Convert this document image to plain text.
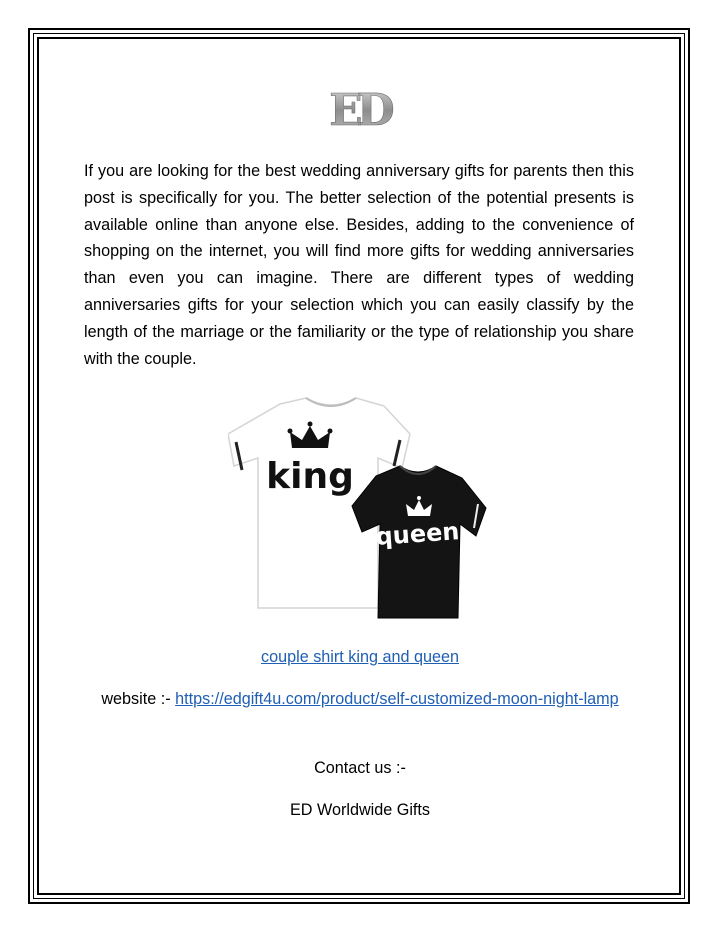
ED

If you are looking for the best wedding anniversary gifts for parents then this post is specifically for you. The better selection of the potential presents is available online than anyone else. Besides, adding to the convenience of shopping on the internet, you will find more gifts for wedding anniversaries than even you can imagine. There are different types of wedding anniversaries gifts for your selection which you can easily classify by the length of the marriage or the familiarity or the type of relationship you share with the couple.

king
queen

couple shirt king and queen

website :- https://edgift4u.com/product/self-customized-moon-night-lamp

Contact us :-

ED Worldwide Gifts
